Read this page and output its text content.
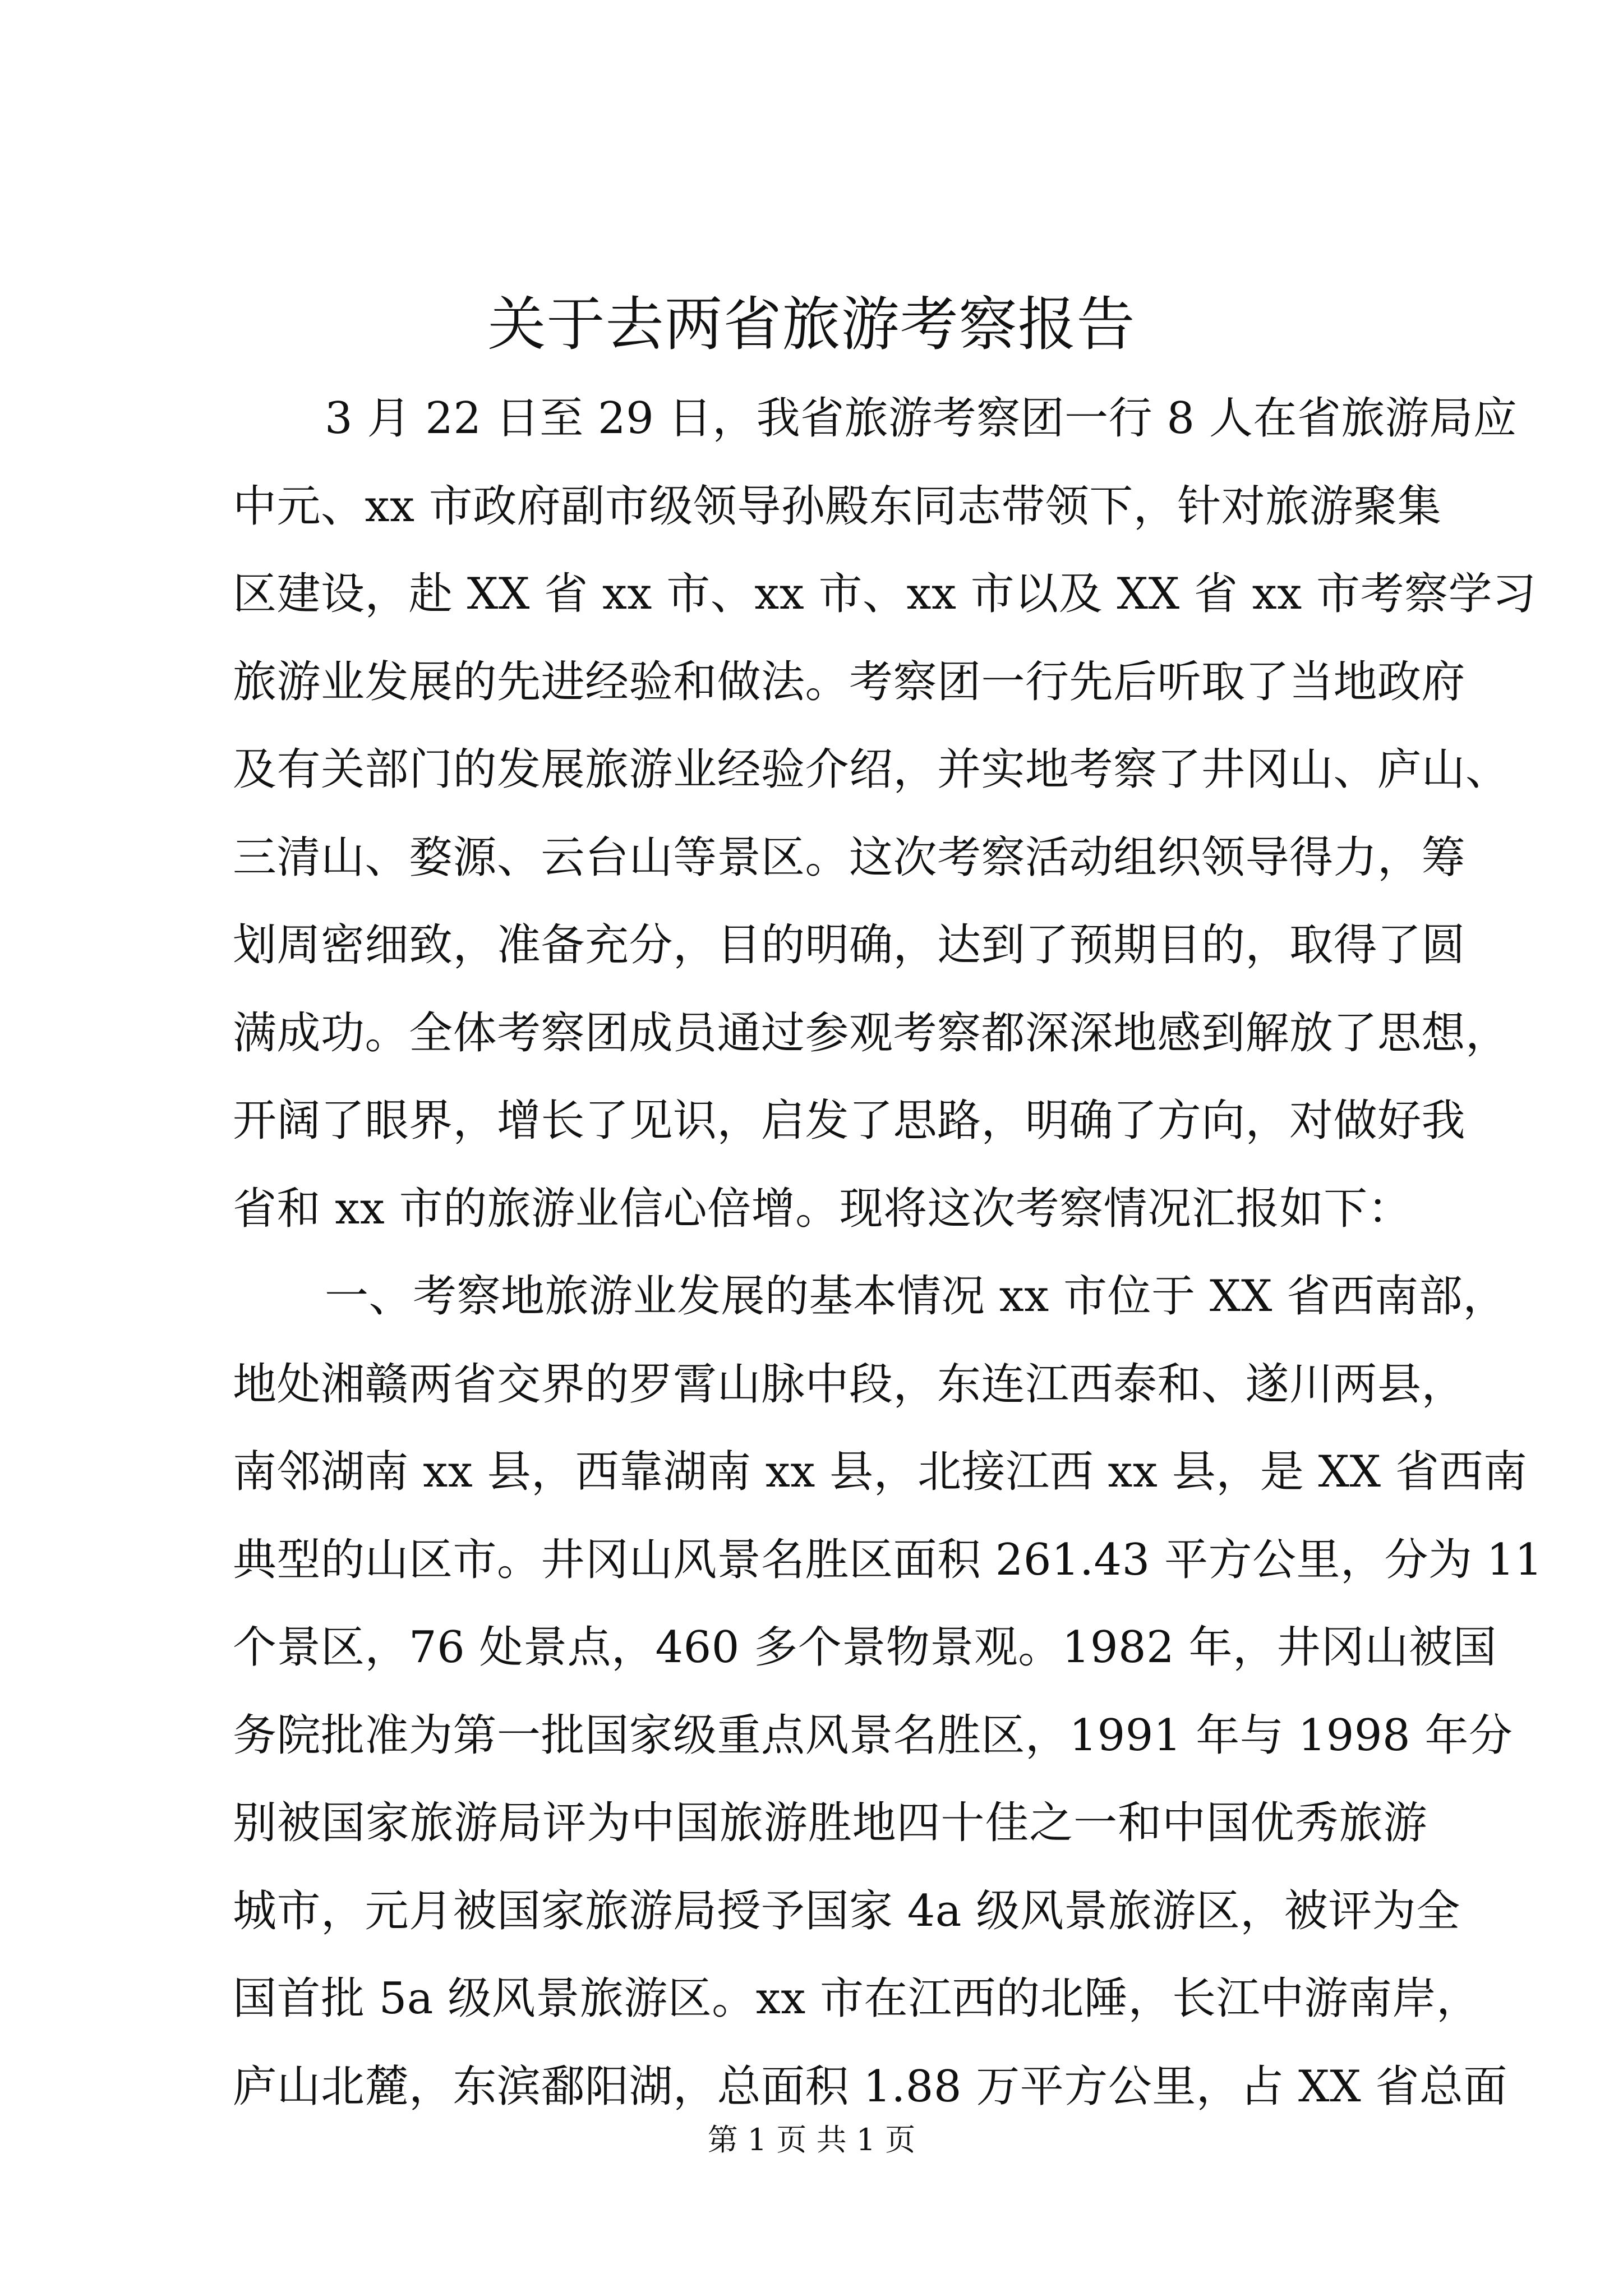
关于去两省旅游考察报告
3 月 22 日至 29 日，我省旅游考察团一行 8 人在省旅游局应
中元、xx 市政府副市级领导孙殿东同志带领下，针对旅游聚集
区建设，赴 XX 省 xx 市、xx 市、xx 市以及 XX 省 xx 市考察学习
旅游业发展的先进经验和做法。考察团一行先后听取了当地政府
及有关部门的发展旅游业经验介绍，并实地考察了井冈山、庐山、
三清山、婺源、云台山等景区。这次考察活动组织领导得力，筹
划周密细致，准备充分，目的明确，达到了预期目的，取得了圆
满成功。全体考察团成员通过参观考察都深深地感到解放了思想，
开阔了眼界，增长了见识，启发了思路，明确了方向，对做好我
省和 xx 市的旅游业信心倍增。现将这次考察情况汇报如下：
一、考察地旅游业发展的基本情况 xx 市位于 XX 省西南部，
地处湘赣两省交界的罗霄山脉中段，东连江西泰和、遂川两县，
南邻湖南 xx 县，西靠湖南 xx 县，北接江西 xx 县，是 XX 省西南
典型的山区市。井冈山风景名胜区面积 261.43 平方公里，分为 11
个景区，76 处景点，460 多个景物景观。1982 年，井冈山被国
务院批准为第一批国家级重点风景名胜区，1991 年与 1998 年分
别被国家旅游局评为中国旅游胜地四十佳之一和中国优秀旅游
城市，元月被国家旅游局授予国家 4a 级风景旅游区，被评为全
国首批 5a 级风景旅游区。xx 市在江西的北陲，长江中游南岸，
庐山北麓，东滨鄱阳湖，总面积 1.88 万平方公里，占 XX 省总面
第 1 页 共 1 页
